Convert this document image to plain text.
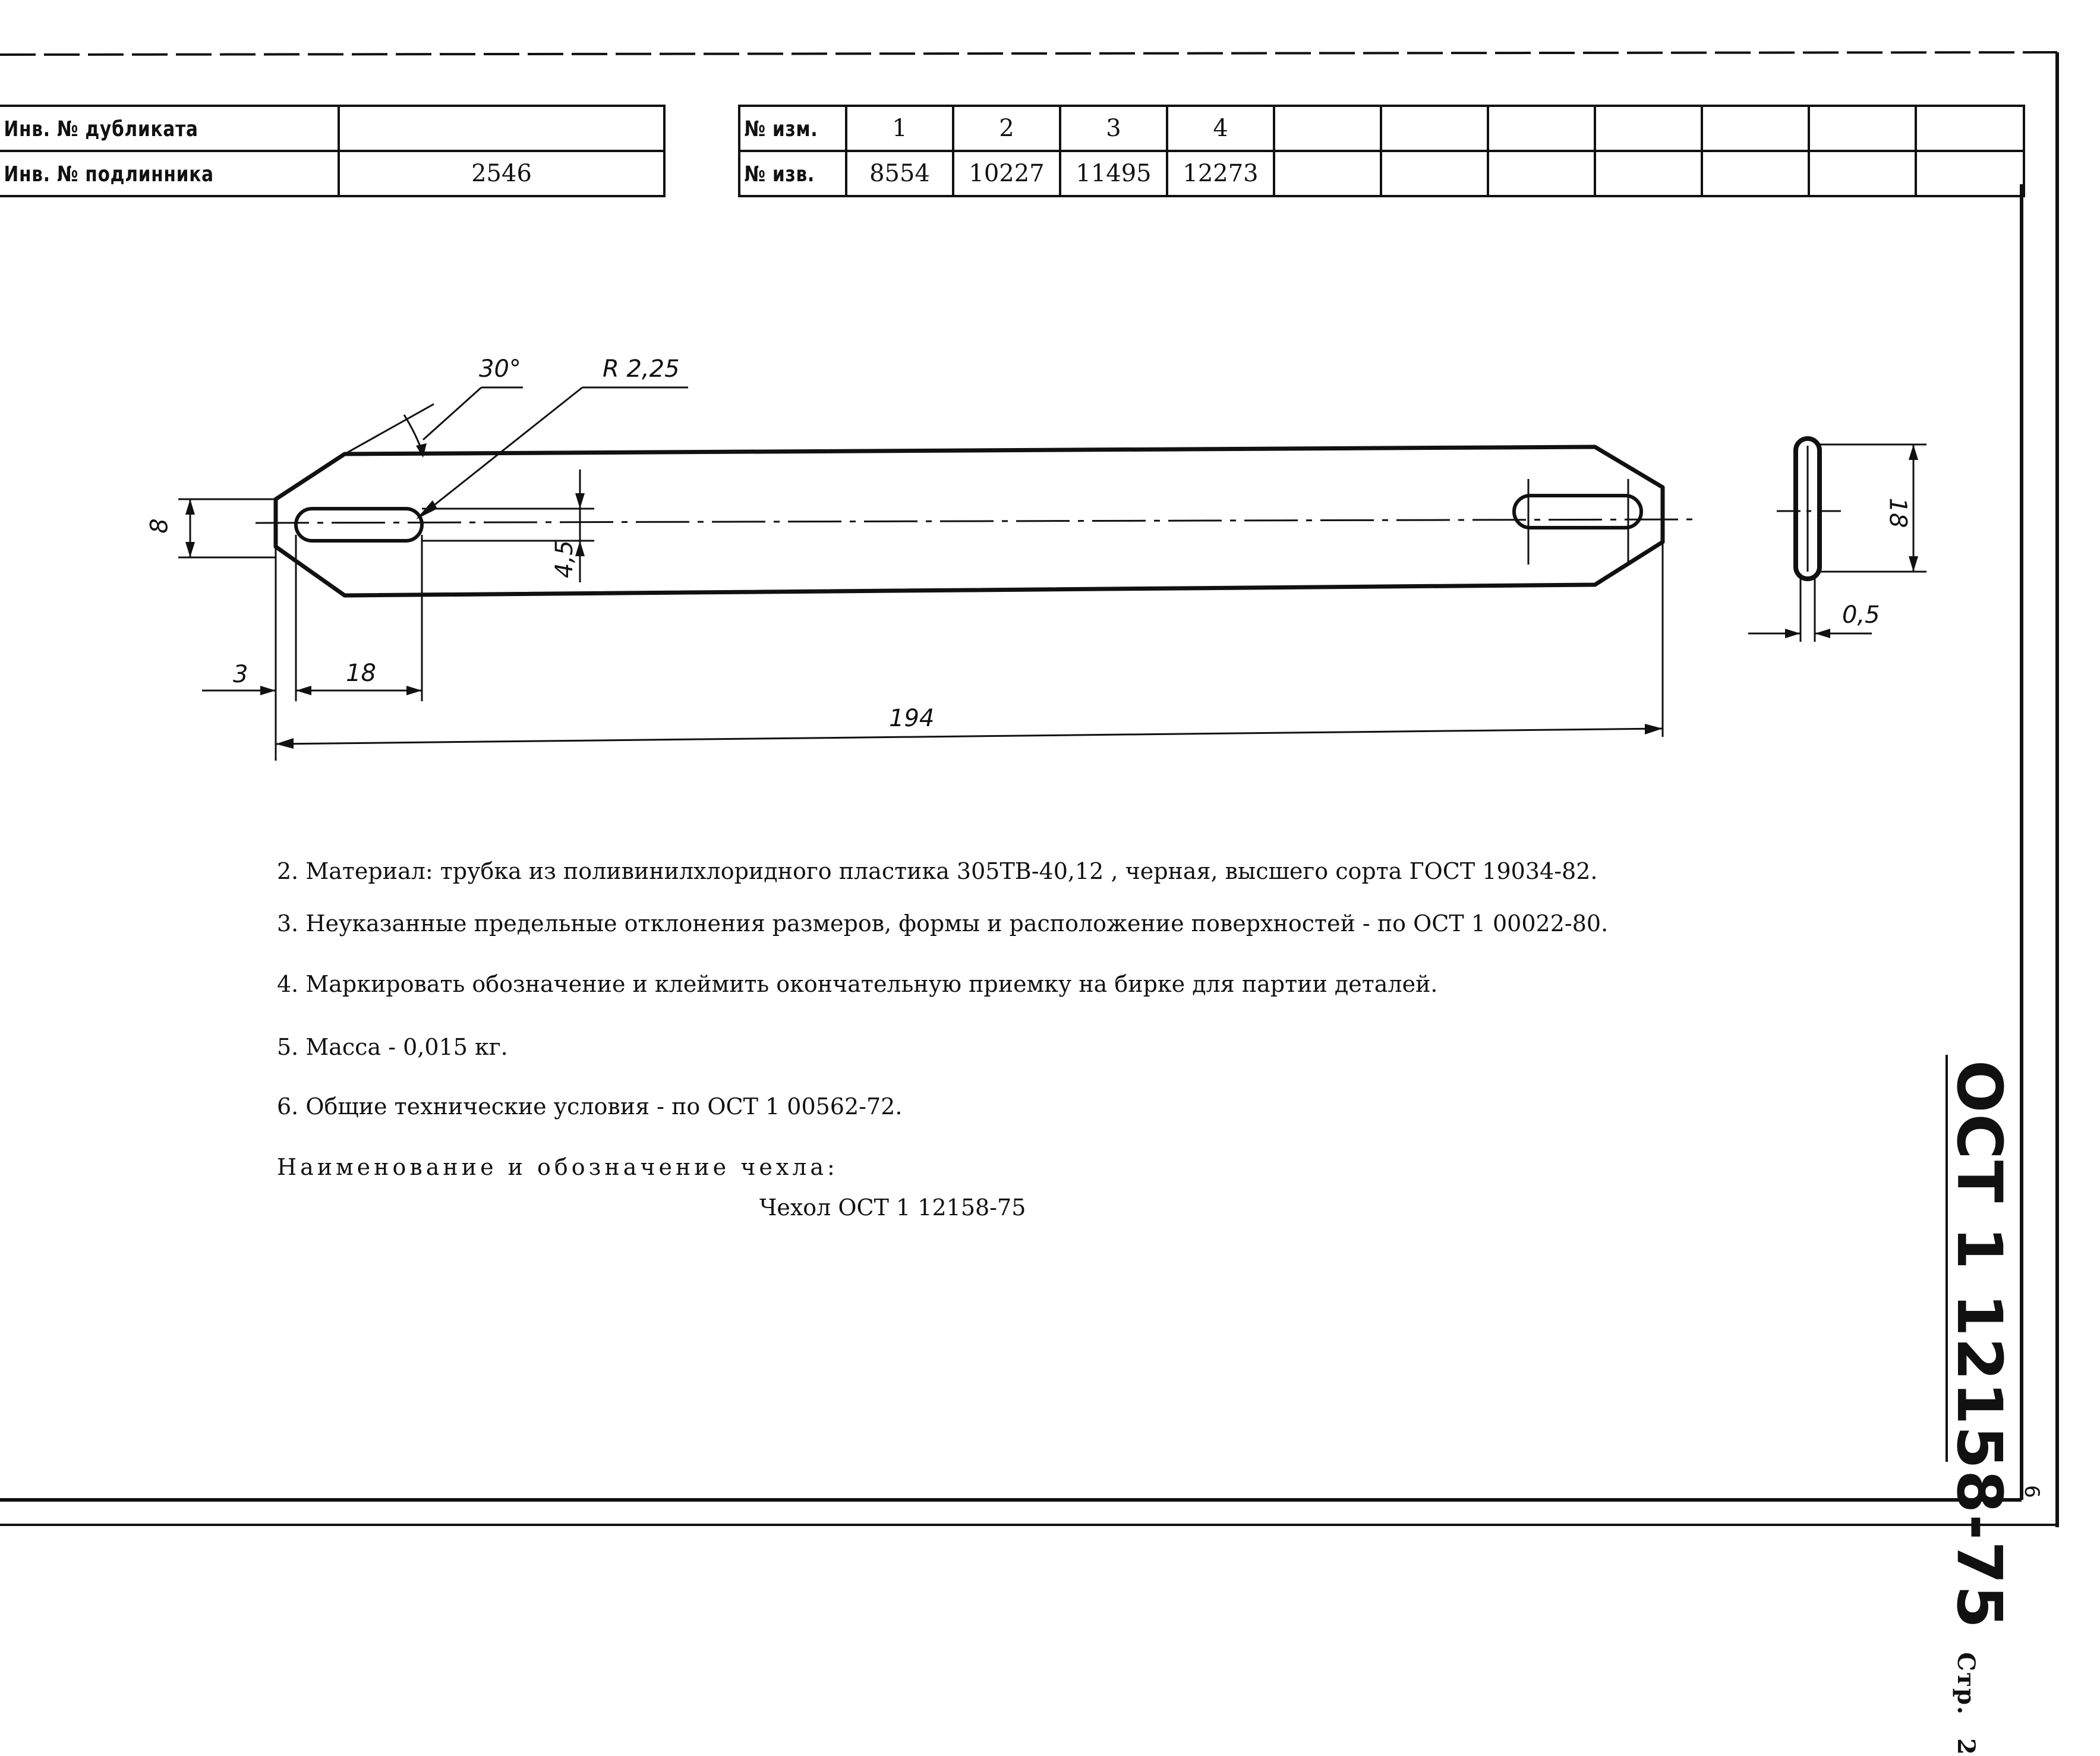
Инв. № дубликата	
Инв. № подлинника	2546
№ изм.	1	2	3	4							
№ изв.	8554	10227	11495	12273							
30°	R 2,25
8
4,5
3	18
194
18
0,5
2. Материал: трубка из поливинилхлоридного пластика 305ТВ-40,12 , черная, высшего сорта ГОСТ 19034-82.
3. Неуказанные предельные отклонения размеров, формы и расположение поверхностей - по ОСТ 1 00022-80.
4. Маркировать обозначение и клеймить окончательную приемку на бирке для партии деталей.
5. Масса - 0,015 кг.
6. Общие технические условия - по ОСТ 1 00562-72.
Наименование и обозначение чехла:
Чехол ОСТ 1 12158-75	ОСТ 1 12158-75 Стр. 2
6
